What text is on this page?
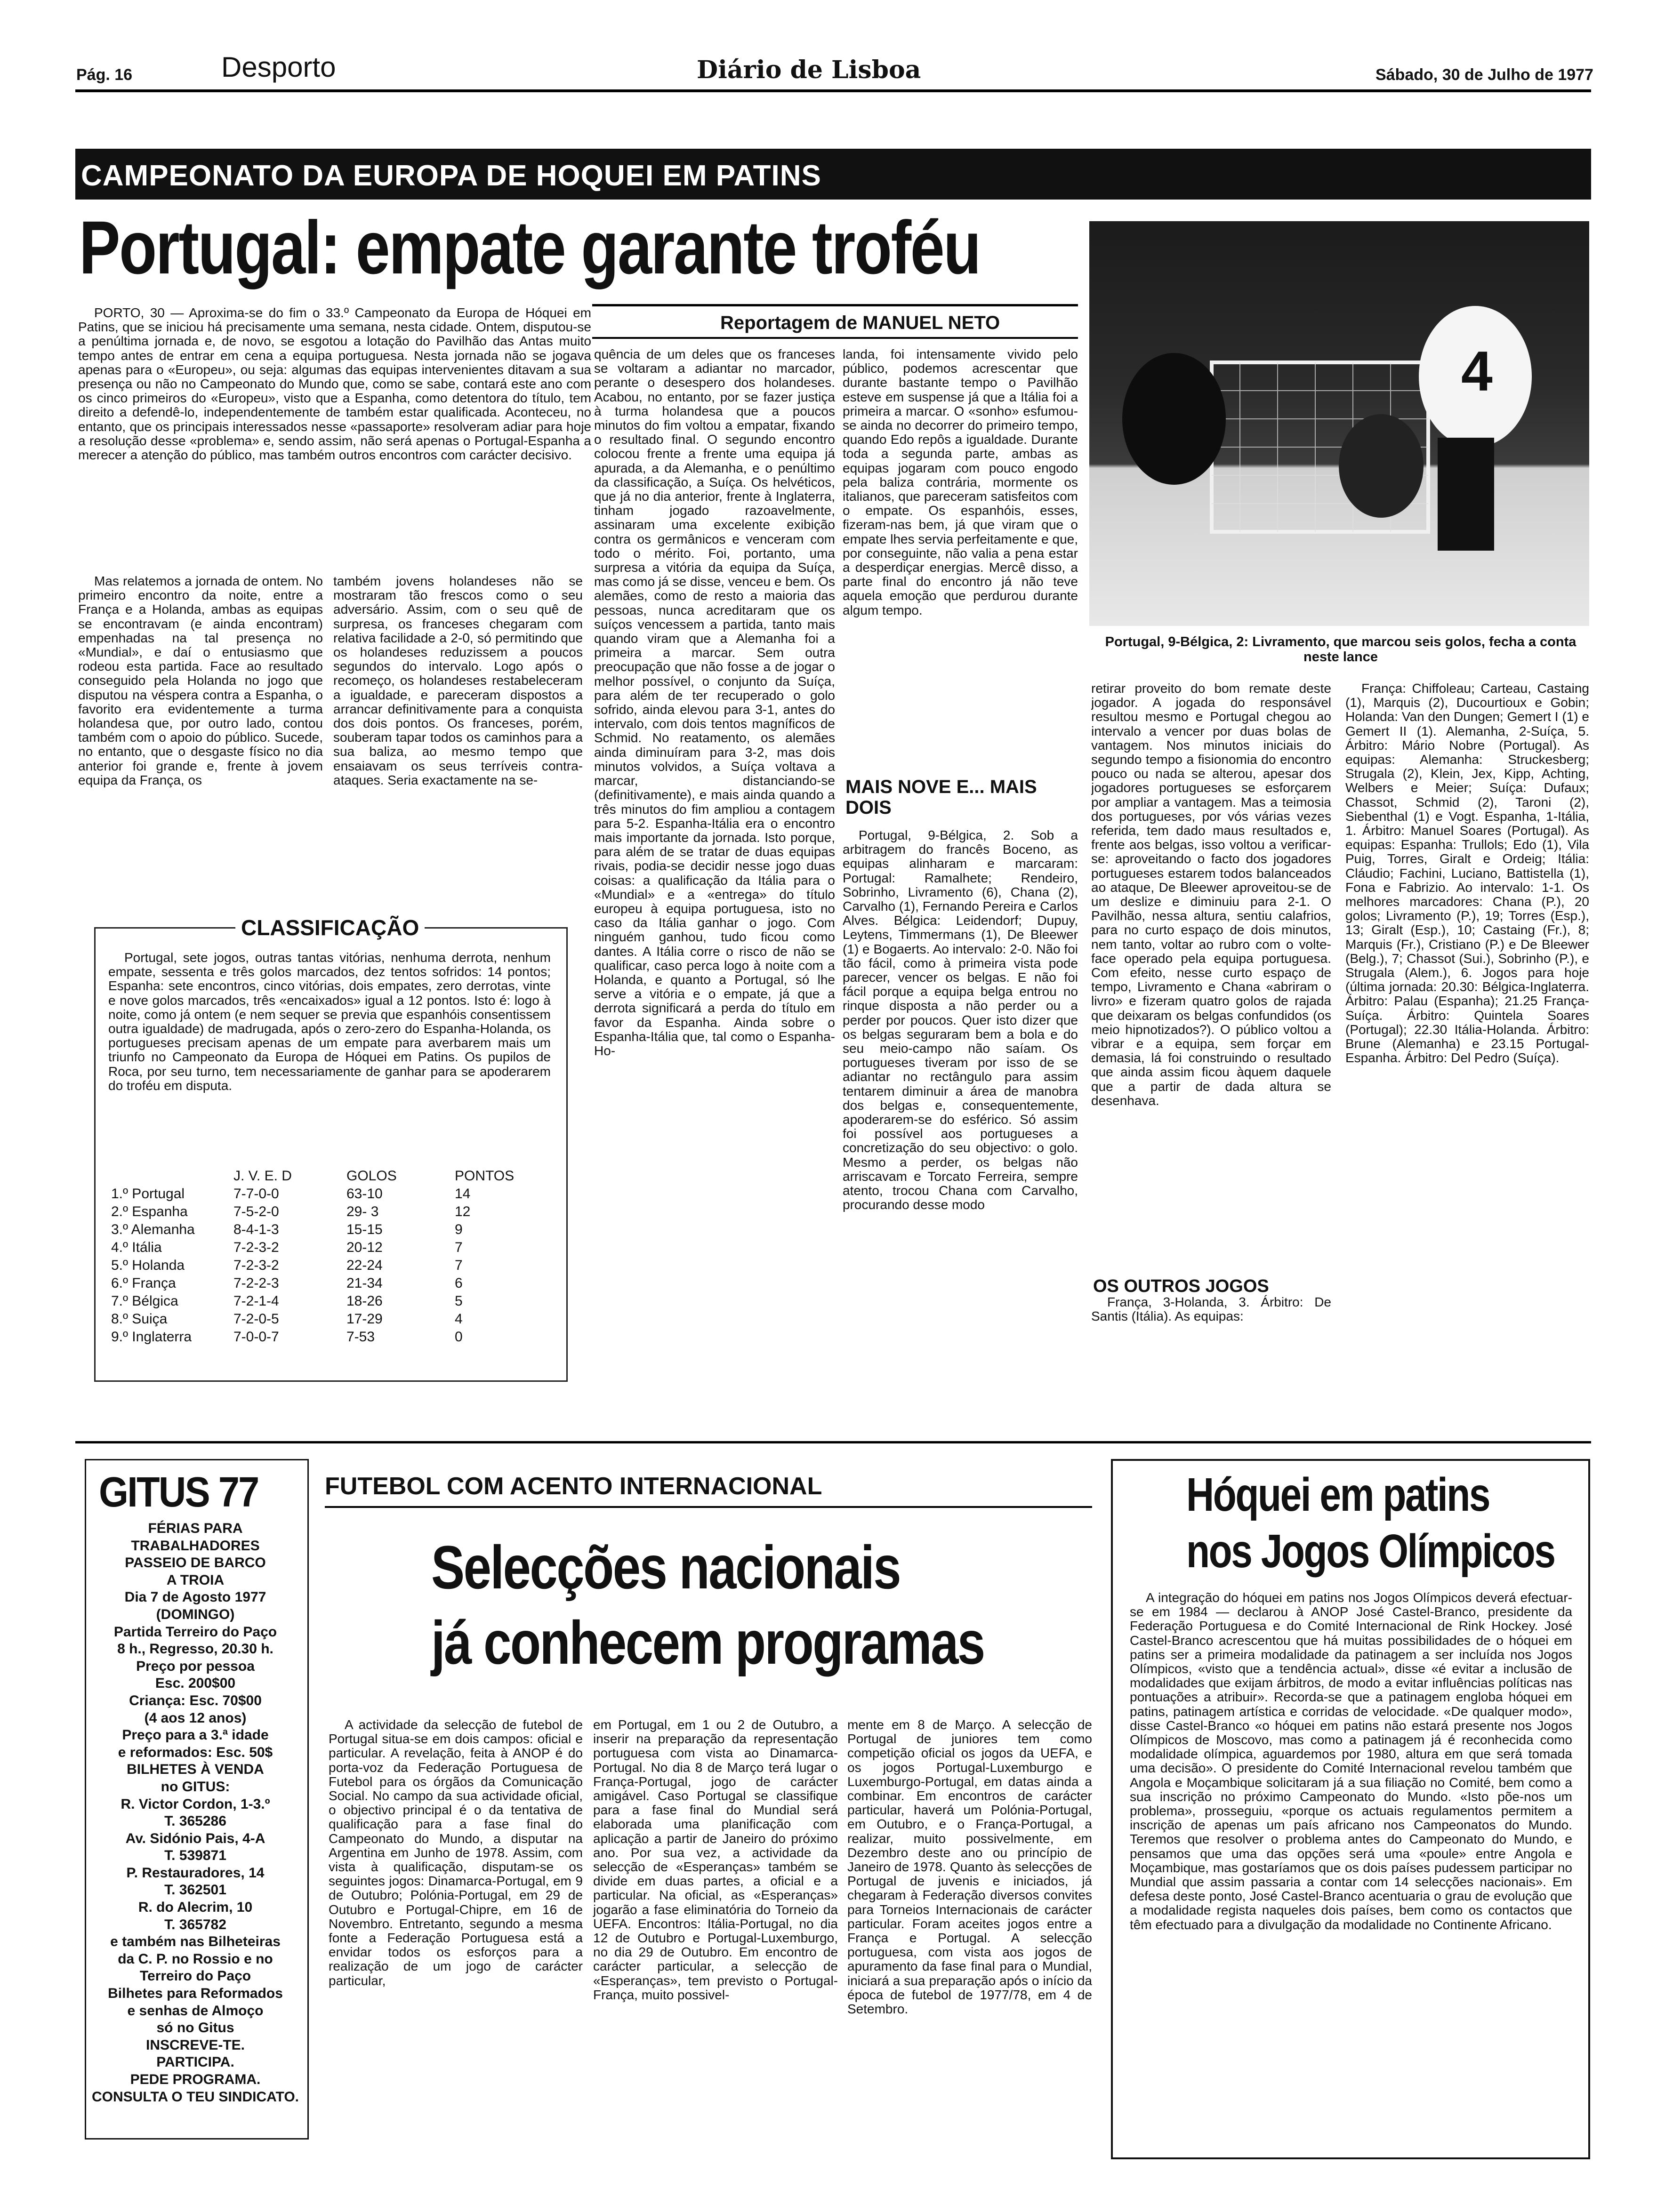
Pág. 16	Desporto	Diário de Lisboa	Sábado, 30 de Julho de 1977
CAMPEONATO DA EUROPA DE HOQUEI EM PATINS
Portugal: empate garante troféu

PORTO, 30 — Aproxima-se do fim o 33.º Campeonato da Europa de Hóquei em Patins, que se iniciou há precisamente uma semana, nesta cidade. Ontem, disputou-se a penúltima jornada e, de novo, se esgotou a lotação do Pavilhão das Antas muito tempo antes de entrar em cena a equipa portuguesa. Nesta jornada não se jogava apenas para o «Europeu», ou seja: algumas das equipas intervenientes ditavam a sua presença ou não no Campeonato do Mundo que, como se sabe, contará este ano com os cinco primeiros do «Europeu», visto que a Espanha, como detentora do título, tem direito a defendê-lo, independentemente de também estar qualificada. Aconteceu, no entanto, que os principais interessados nesse «passaporte» resolveram adiar para hoje a resolução desse «problema» e, sendo assim, não será apenas o Portugal-Espanha a merecer a atenção do público, mas também outros encontros com carácter decisivo.

Reportagem de MANUEL NETO
4
Portugal, 9-Bélgica, 2: Livramento, que marcou seis golos, fecha a conta neste lance

Mas relatemos a jornada de ontem. No primeiro encontro da noite, entre a França e a Holanda, ambas as equipas se encontravam (e ainda encontram) empenhadas na tal presença no «Mundial», e daí o entusiasmo que rodeou esta partida. Face ao resultado conseguido pela Holanda no jogo que disputou na véspera contra a Espanha, o favorito era evidentemente a turma holandesa que, por outro lado, contou também com o apoio do público. Sucede, no entanto, que o desgaste físico no dia anterior foi grande e, frente à jovem equipa da França, os

também jovens holandeses não se mostraram tão frescos como o seu adversário. Assim, com o seu quê de surpresa, os franceses chegaram com relativa facilidade a 2-0, só permitindo que os holandeses reduzissem a poucos segundos do intervalo. Logo após o recomeço, os holandeses restabeleceram a igualdade, e pareceram dispostos a arrancar definitivamente para a conquista dos dois pontos. Os franceses, porém, souberam tapar todos os caminhos para a sua baliza, ao mesmo tempo que ensaiavam os seus terríveis contra-ataques. Seria exactamente na se-

quência de um deles que os franceses se voltaram a adiantar no marcador, perante o desespero dos holandeses. Acabou, no entanto, por se fazer justiça à turma holandesa que a poucos minutos do fim voltou a empatar, fixando o resultado final. O segundo encontro colocou frente a frente uma equipa já apurada, a da Alemanha, e o penúltimo da classificação, a Suíça. Os helvéticos, que já no dia anterior, frente à Inglaterra, tinham jogado razoavelmente, assinaram uma excelente exibição contra os germânicos e venceram com todo o mérito. Foi, portanto, uma surpresa a vitória da equipa da Suíça, mas como já se disse, venceu e bem. Os alemães, como de resto a maioria das pessoas, nunca acreditaram que os suíços vencessem a partida, tanto mais quando viram que a Alemanha foi a primeira a marcar. Sem outra preocupação que não fosse a de jogar o melhor possível, o conjunto da Suíça, para além de ter recuperado o golo sofrido, ainda elevou para 3-1, antes do intervalo, com dois tentos magníficos de Schmid. No reatamento, os alemães ainda diminuíram para 3-2, mas dois minutos volvidos, a Suíça voltava a marcar, distanciando-se (definitivamente), e mais ainda quando a três minutos do fim ampliou a contagem para 5-2. Espanha-Itália era o encontro mais importante da jornada. Isto porque, para além de se tratar de duas equipas rivais, podia-se decidir nesse jogo duas coisas: a qualificação da Itália para o «Mundial» e a «entrega» do título europeu à equipa portuguesa, isto no caso da Itália ganhar o jogo. Com ninguém ganhou, tudo ficou como dantes. A Itália corre o risco de não se qualificar, caso perca logo à noite com a Holanda, e quanto a Portugal, só lhe serve a vitória e o empate, já que a derrota significará a perda do título em favor da Espanha. Ainda sobre o Espanha-Itália que, tal como o Espanha-Ho-

landa, foi intensamente vivido pelo público, podemos acrescentar que durante bastante tempo o Pavilhão esteve em suspense já que a Itália foi a primeira a marcar. O «sonho» esfumou-se ainda no decorrer do primeiro tempo, quando Edo repôs a igualdade. Durante toda a segunda parte, ambas as equipas jogaram com pouco engodo pela baliza contrária, mormente os italianos, que pareceram satisfeitos com o empate. Os espanhóis, esses, fizeram-nas bem, já que viram que o empate lhes servia perfeitamente e que, por conseguinte, não valia a pena estar a desperdiçar energias. Mercê disso, a parte final do encontro já não teve aquela emoção que perdurou durante algum tempo.

MAIS NOVE E... MAIS DOIS

Portugal, 9-Bélgica, 2. Sob a arbitragem do francês Boceno, as equipas alinharam e marcaram: Portugal: Ramalhete; Rendeiro, Sobrinho, Livramento (6), Chana (2), Carvalho (1), Fernando Pereira e Carlos Alves. Bélgica: Leidendorf; Dupuy, Leytens, Timmermans (1), De Bleewer (1) e Bogaerts. Ao intervalo: 2-0. Não foi tão fácil, como à primeira vista pode parecer, vencer os belgas. E não foi fácil porque a equipa belga entrou no rinque disposta a não perder ou a perder por poucos. Quer isto dizer que os belgas seguraram bem a bola e do seu meio-campo não saíam. Os portugueses tiveram por isso de se adiantar no rectângulo para assim tentarem diminuir a área de manobra dos belgas e, consequentemente, apoderarem-se do esférico. Só assim foi possível aos portugueses a concretização do seu objectivo: o golo. Mesmo a perder, os belgas não arriscavam e Torcato Ferreira, sempre atento, trocou Chana com Carvalho, procurando desse modo

retirar proveito do bom remate deste jogador. A jogada do responsável resultou mesmo e Portugal chegou ao intervalo a vencer por duas bolas de vantagem. Nos minutos iniciais do segundo tempo a fisionomia do encontro pouco ou nada se alterou, apesar dos jogadores portugueses se esforçarem por ampliar a vantagem. Mas a teimosia dos portugueses, por vós várias vezes referida, tem dado maus resultados e, frente aos belgas, isso voltou a verificar-se: aproveitando o facto dos jogadores portugueses estarem todos balanceados ao ataque, De Bleewer aproveitou-se de um deslize e diminuiu para 2-1. O Pavilhão, nessa altura, sentiu calafrios, para no curto espaço de dois minutos, nem tanto, voltar ao rubro com o volte-face operado pela equipa portuguesa. Com efeito, nesse curto espaço de tempo, Livramento e Chana «abriram o livro» e fizeram quatro golos de rajada que deixaram os belgas confundidos (os meio hipnotizados?). O público voltou a vibrar e a equipa, sem forçar em demasia, lá foi construindo o resultado que ainda assim ficou àquem daquele que a partir de dada altura se desenhava.

OS OUTROS JOGOS

França, 3-Holanda, 3. Árbitro: De Santis (Itália). As equipas:

França: Chiffoleau; Carteau, Castaing (1), Marquis (2), Ducourtioux e Gobin; Holanda: Van den Dungen; Gemert I (1) e Gemert II (1). Alemanha, 2-Suíça, 5. Árbitro: Mário Nobre (Portugal). As equipas: Alemanha: Struckesberg; Strugala (2), Klein, Jex, Kipp, Achting, Welbers e Meier; Suíça: Dufaux; Chassot, Schmid (2), Taroni (2), Siebenthal (1) e Vogt. Espanha, 1-Itália, 1. Árbitro: Manuel Soares (Portugal). As equipas: Espanha: Trullols; Edo (1), Vila Puig, Torres, Giralt e Ordeig; Itália: Cláudio; Fachini, Luciano, Battistella (1), Fona e Fabrizio. Ao intervalo: 1-1. Os melhores marcadores: Chana (P.), 20 golos; Livramento (P.), 19; Torres (Esp.), 13; Giralt (Esp.), 10; Castaing (Fr.), 8; Marquis (Fr.), Cristiano (P.) e De Bleewer (Belg.), 7; Chassot (Sui.), Sobrinho (P.), e Strugala (Alem.), 6. Jogos para hoje (última jornada: 20.30: Bélgica-Inglaterra. Árbitro: Palau (Espanha); 21.25 França-Suíça. Árbitro: Quintela Soares (Portugal); 22.30 Itália-Holanda. Árbitro: Brune (Alemanha) e 23.15 Portugal-Espanha. Árbitro: Del Pedro (Suíça).

CLASSIFICAÇÃO

Portugal, sete jogos, outras tantas vitórias, nenhuma derrota, nenhum empate, sessenta e três golos marcados, dez tentos sofridos: 14 pontos; Espanha: sete encontros, cinco vitórias, dois empates, zero derrotas, vinte e nove golos marcados, três «encaixados» igual a 12 pontos. Isto é: logo à noite, como já ontem (e nem sequer se previa que espanhóis consentissem outra igualdade) de madrugada, após o zero-zero do Espanha-Holanda, os portugueses precisam apenas de um empate para averbarem mais um triunfo no Campeonato da Europa de Hóquei em Patins. Os pupilos de Roca, por seu turno, tem necessariamente de ganhar para se apoderarem do troféu em disputa.

	J. V. E. D	GOLOS	PONTOS
1.º Portugal	7-7-0-0	63-10	14
2.º Espanha	7-5-2-0	29- 3	12
3.º Alemanha	8-4-1-3	15-15	9
4.º Itália	7-2-3-2	20-12	7
5.º Holanda	7-2-3-2	22-24	7
6.º França	7-2-2-3	21-34	6
7.º Bélgica	7-2-1-4	18-26	5
8.º Suiça	7-2-0-5	17-29	4
9.º Inglaterra	7-0-0-7	7-53	0
GITUS 77
FÉRIAS PARA
TRABALHADORES
PASSEIO DE BARCO
A TROIA
Dia 7 de Agosto 1977
(DOMINGO)
Partida Terreiro do Paço
8 h., Regresso, 20.30 h.
Preço por pessoa
Esc. 200$00
Criança: Esc. 70$00
(4 aos 12 anos)
Preço para a 3.ª idade
e reformados: Esc. 50$
BILHETES À VENDA
no GITUS:
R. Victor Cordon, 1-3.º
T. 365286
Av. Sidónio Pais, 4-A
T. 539871
P. Restauradores, 14
T. 362501
R. do Alecrim, 10
T. 365782
e também nas Bilheteiras
da C. P. no Rossio e no
Terreiro do Paço
Bilhetes para Reformados
e senhas de Almoço
só no Gitus
INSCREVE-TE.
PARTICIPA.
PEDE PROGRAMA.
CONSULTA O TEU SINDICATO.
FUTEBOL COM ACENTO INTERNACIONAL
Selecções nacionais
já conhecem programas

A actividade da selecção de futebol de Portugal situa-se em dois campos: oficial e particular. A revelação, feita à ANOP é do porta-voz da Federação Portuguesa de Futebol para os órgãos da Comunicação Social. No campo da sua actividade oficial, o objectivo principal é o da tentativa de qualificação para a fase final do Campeonato do Mundo, a disputar na Argentina em Junho de 1978. Assim, com vista à qualificação, disputam-se os seguintes jogos: Dinamarca-Portugal, em 9 de Outubro; Polónia-Portugal, em 29 de Outubro e Portugal-Chipre, em 16 de Novembro. Entretanto, segundo a mesma fonte a Federação Portuguesa está a envidar todos os esforços para a realização de um jogo de carácter particular,

em Portugal, em 1 ou 2 de Outubro, a inserir na preparação da representação portuguesa com vista ao Dinamarca-Portugal. No dia 8 de Março terá lugar o França-Portugal, jogo de carácter amigável. Caso Portugal se classifique para a fase final do Mundial será elaborada uma planificação com aplicação a partir de Janeiro do próximo ano. Por sua vez, a actividade da selecção de «Esperanças» também se divide em duas partes, a oficial e a particular. Na oficial, as «Esperanças» jogarão a fase eliminatória do Torneio da UEFA. Encontros: Itália-Portugal, no dia 12 de Outubro e Portugal-Luxemburgo, no dia 29 de Outubro. Em encontro de carácter particular, a selecção de «Esperanças», tem previsto o Portugal-França, muito possivel-

mente em 8 de Março. A selecção de Portugal de juniores tem como competição oficial os jogos da UEFA, e os jogos Portugal-Luxemburgo e Luxemburgo-Portugal, em datas ainda a combinar. Em encontros de carácter particular, haverá um Polónia-Portugal, em Outubro, e o França-Portugal, a realizar, muito possivelmente, em Dezembro deste ano ou princípio de Janeiro de 1978. Quanto às selecções de Portugal de juvenis e iniciados, já chegaram à Federação diversos convites para Torneios Internacionais de carácter particular. Foram aceites jogos entre a França e Portugal. A selecção portuguesa, com vista aos jogos de apuramento da fase final para o Mundial, iniciará a sua preparação após o início da época de futebol de 1977/78, em 4 de Setembro.

Hóquei em patins
nos Jogos Olímpicos

A integração do hóquei em patins nos Jogos Olímpicos deverá efectuar-se em 1984 — declarou à ANOP José Castel-Branco, presidente da Federação Portuguesa e do Comité Internacional de Rink Hockey. José Castel-Branco acrescentou que há muitas possibilidades de o hóquei em patins ser a primeira modalidade da patinagem a ser incluída nos Jogos Olímpicos, «visto que a tendência actual», disse «é evitar a inclusão de modalidades que exijam árbitros, de modo a evitar influências políticas nas pontuações a atribuir». Recorda-se que a patinagem engloba hóquei em patins, patinagem artística e corridas de velocidade. «De qualquer modo», disse Castel-Branco «o hóquei em patins não estará presente nos Jogos Olímpicos de Moscovo, mas como a patinagem já é reconhecida como modalidade olímpica, aguardemos por 1980, altura em que será tomada uma decisão». O presidente do Comité Internacional revelou também que Angola e Moçambique solicitaram já a sua filiação no Comité, bem como a sua inscrição no próximo Campeonato do Mundo. «Isto põe-nos um problema», prosseguiu, «porque os actuais regulamentos permitem a inscrição de apenas um país africano nos Campeonatos do Mundo. Teremos que resolver o problema antes do Campeonato do Mundo, e pensamos que uma das opções será uma «poule» entre Angola e Moçambique, mas gostaríamos que os dois países pudessem participar no Mundial que assim passaria a contar com 14 selecções nacionais». Em defesa deste ponto, José Castel-Branco acentuaria o grau de evolução que a modalidade regista naqueles dois países, bem como os contactos que têm efectuado para a divulgação da modalidade no Continente Africano.
